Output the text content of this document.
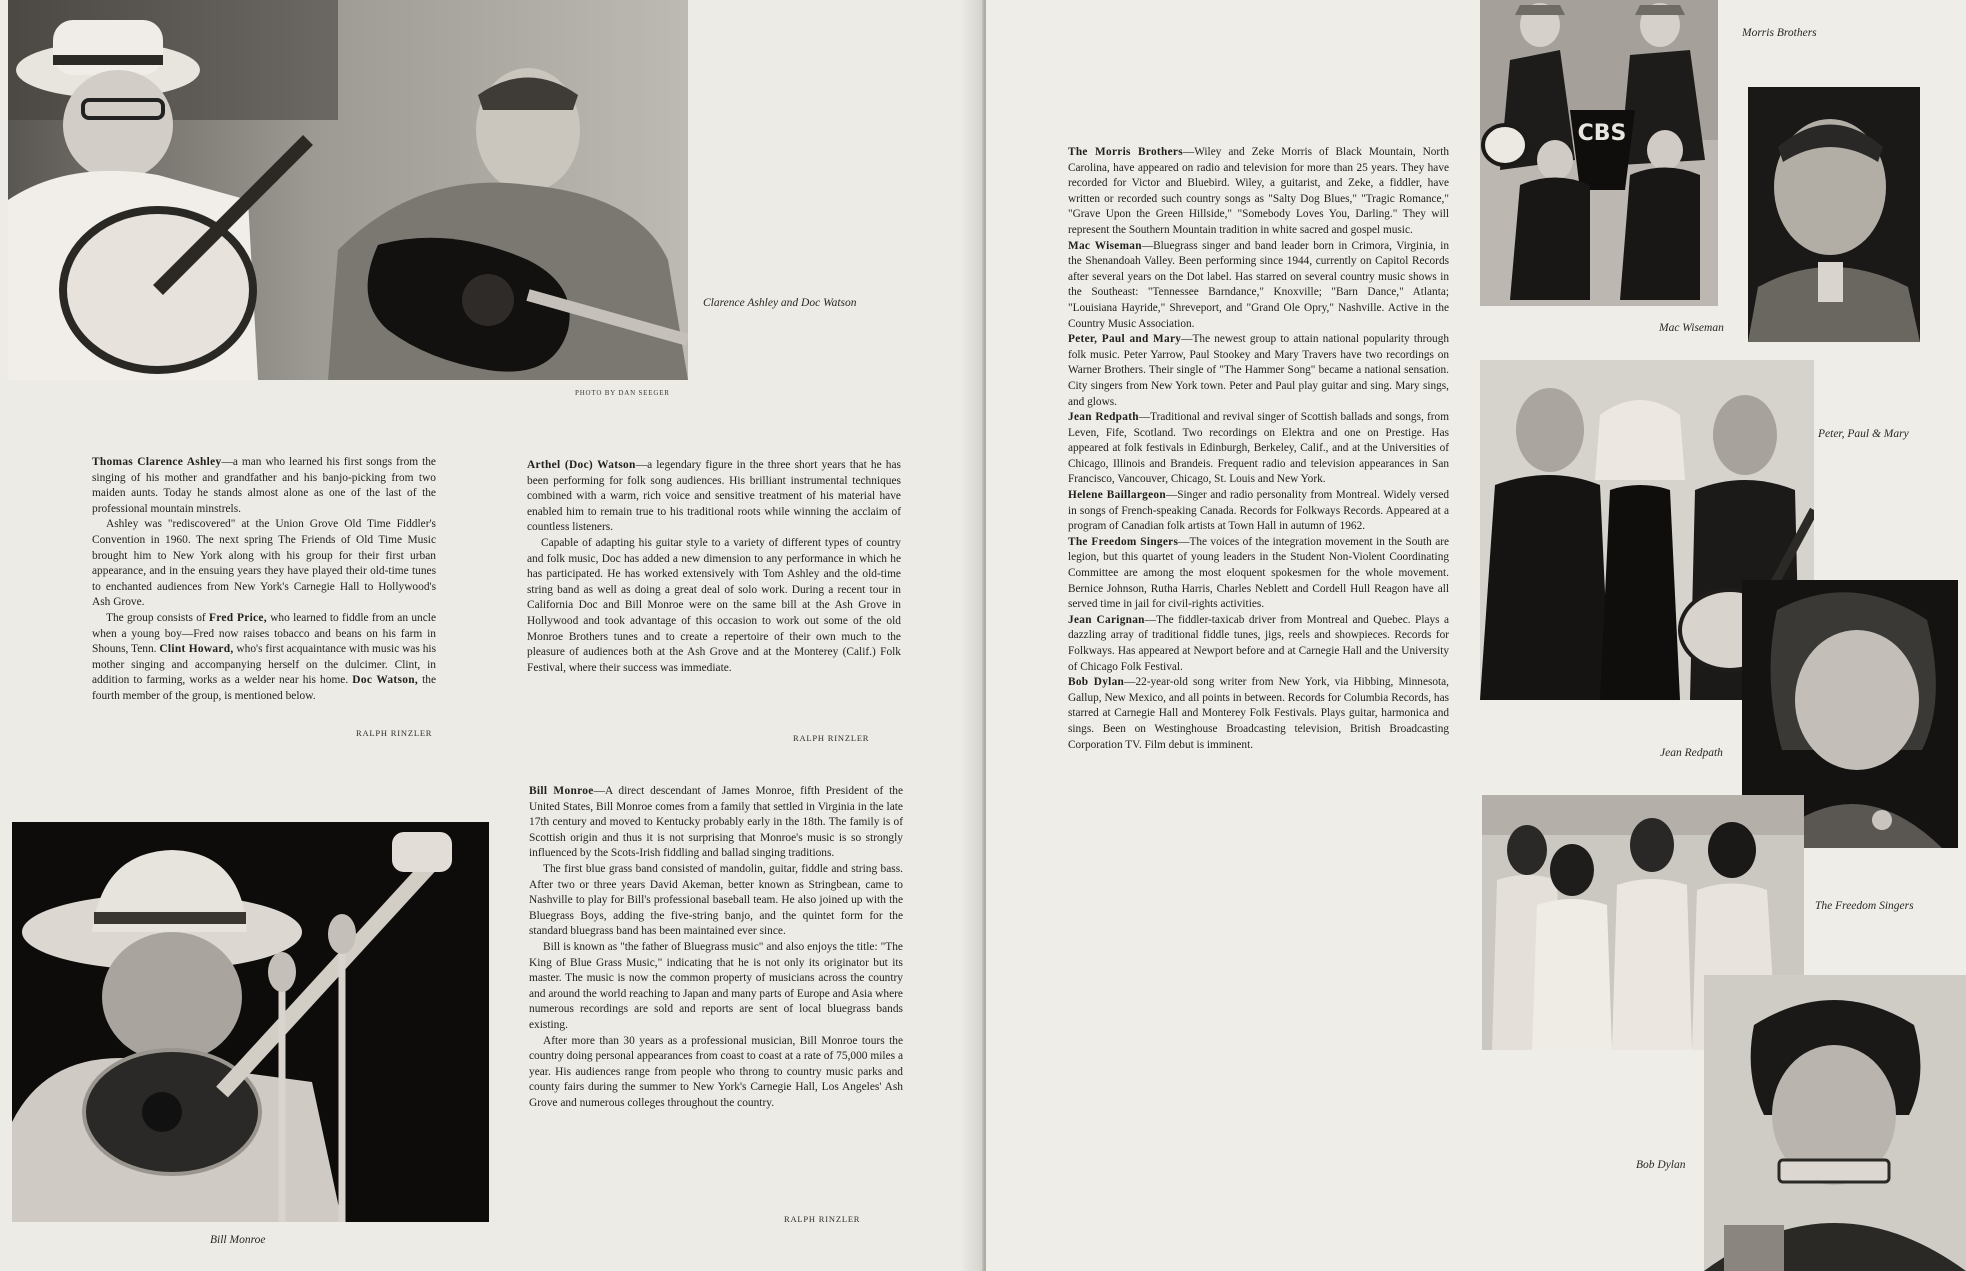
Clarence Ashley and Doc Watson
PHOTO BY DAN SEEGER

Thomas Clarence Ashley—a man who learned his first songs from the singing of his mother and grandfather and his banjo-picking from two maiden aunts. Today he stands almost alone as one of the last of the professional mountain minstrels.

Ashley was "rediscovered" at the Union Grove Old Time Fiddler's Convention in 1960. The next spring The Friends of Old Time Music brought him to New York along with his group for their first urban appearance, and in the ensuing years they have played their old-time tunes to enchanted audiences from New York's Carnegie Hall to Hollywood's Ash Grove.

The group consists of Fred Price, who learned to fiddle from an uncle when a young boy—Fred now raises tobacco and beans on his farm in Shouns, Tenn. Clint Howard, who's first acquaintance with music was his mother singing and accompanying herself on the dulcimer. Clint, in addition to farming, works as a welder near his home. Doc Watson, the fourth member of the group, is mentioned below.

RALPH RINZLER

Arthel (Doc) Watson—a legendary figure in the three short years that he has been performing for folk song audiences. His brilliant instrumental techniques combined with a warm, rich voice and sensitive treatment of his material have enabled him to remain true to his traditional roots while winning the acclaim of countless listeners.

Capable of adapting his guitar style to a variety of different types of country and folk music, Doc has added a new dimension to any performance in which he has participated. He has worked extensively with Tom Ashley and the old-time string band as well as doing a great deal of solo work. During a recent tour in California Doc and Bill Monroe were on the same bill at the Ash Grove in Hollywood and took advantage of this occasion to work out some of the old Monroe Brothers tunes and to create a repertoire of their own much to the pleasure of audiences both at the Ash Grove and at the Monterey (Calif.) Folk Festival, where their success was immediate.

RALPH RINZLER
Bill Monroe

Bill Monroe—A direct descendant of James Monroe, fifth President of the United States, Bill Monroe comes from a family that settled in Virginia in the late 17th century and moved to Kentucky probably early in the 18th. The family is of Scottish origin and thus it is not surprising that Monroe's music is so strongly influenced by the Scots-Irish fiddling and ballad singing traditions.

The first blue grass band consisted of mandolin, guitar, fiddle and string bass. After two or three years David Akeman, better known as Stringbean, came to Nashville to play for Bill's professional baseball team. He also joined up with the Bluegrass Boys, adding the five-string banjo, and the quintet form for the standard bluegrass band has been maintained ever since.

Bill is known as "the father of Bluegrass music" and also enjoys the title: "The King of Blue Grass Music," indicating that he is not only its originator but its master. The music is now the common property of musicians across the country and around the world reaching to Japan and many parts of Europe and Asia where numerous recordings are sold and reports are sent of local bluegrass bands existing.

After more than 30 years as a professional musician, Bill Monroe tours the country doing personal appearances from coast to coast at a rate of 75,000 miles a year. His audiences range from people who throng to country music parks and county fairs during the summer to New York's Carnegie Hall, Los Angeles' Ash Grove and numerous colleges throughout the country.

RALPH RINZLER

The Morris Brothers—Wiley and Zeke Morris of Black Mountain, North Carolina, have appeared on radio and television for more than 25 years. They have recorded for Victor and Bluebird. Wiley, a guitarist, and Zeke, a fiddler, have written or recorded such country songs as "Salty Dog Blues," "Tragic Romance," "Grave Upon the Green Hillside," "Somebody Loves You, Darling." They will represent the Southern Mountain tradition in white sacred and gospel music.

Mac Wiseman—Bluegrass singer and band leader born in Crimora, Virginia, in the Shenandoah Valley. Been performing since 1944, currently on Capitol Records after several years on the Dot label. Has starred on several country music shows in the Southeast: "Tennessee Barndance," Knoxville; "Barn Dance," Atlanta; "Louisiana Hayride," Shreveport, and "Grand Ole Opry," Nashville. Active in the Country Music Association.

Peter, Paul and Mary—The newest group to attain national popularity through folk music. Peter Yarrow, Paul Stookey and Mary Travers have two recordings on Warner Brothers. Their single of "The Hammer Song" became a national sensation. City singers from New York town. Peter and Paul play guitar and sing. Mary sings, and glows.

Jean Redpath—Traditional and revival singer of Scottish ballads and songs, from Leven, Fife, Scotland. Two recordings on Elektra and one on Prestige. Has appeared at folk festivals in Edinburgh, Berkeley, Calif., and at the Universities of Chicago, Illinois and Brandeis. Frequent radio and television appearances in San Francisco, Vancouver, Chicago, St. Louis and New York.

Helene Baillargeon—Singer and radio personality from Montreal. Widely versed in songs of French-speaking Canada. Records for Folkways Records. Appeared at a program of Canadian folk artists at Town Hall in autumn of 1962.

The Freedom Singers—The voices of the integration movement in the South are legion, but this quartet of young leaders in the Student Non-Violent Coordinating Committee are among the most eloquent spokesmen for the whole movement. Bernice Johnson, Rutha Harris, Charles Neblett and Cordell Hull Reagon have all served time in jail for civil-rights activities.

Jean Carignan—The fiddler-taxicab driver from Montreal and Quebec. Plays a dazzling array of traditional fiddle tunes, jigs, reels and showpieces. Records for Folkways. Has appeared at Newport before and at Carnegie Hall and the University of Chicago Folk Festival.

Bob Dylan—22-year-old song writer from New York, via Hibbing, Minnesota, Gallup, New Mexico, and all points in between. Records for Columbia Records, has starred at Carnegie Hall and Monterey Folk Festivals. Plays guitar, harmonica and sings. Been on Westinghouse Broadcasting television, British Broadcasting Corporation TV. Film debut is imminent.

CBS
Morris Brothers
Mac Wiseman
Peter, Paul & Mary
Jean Redpath
The Freedom Singers
Bob Dylan
